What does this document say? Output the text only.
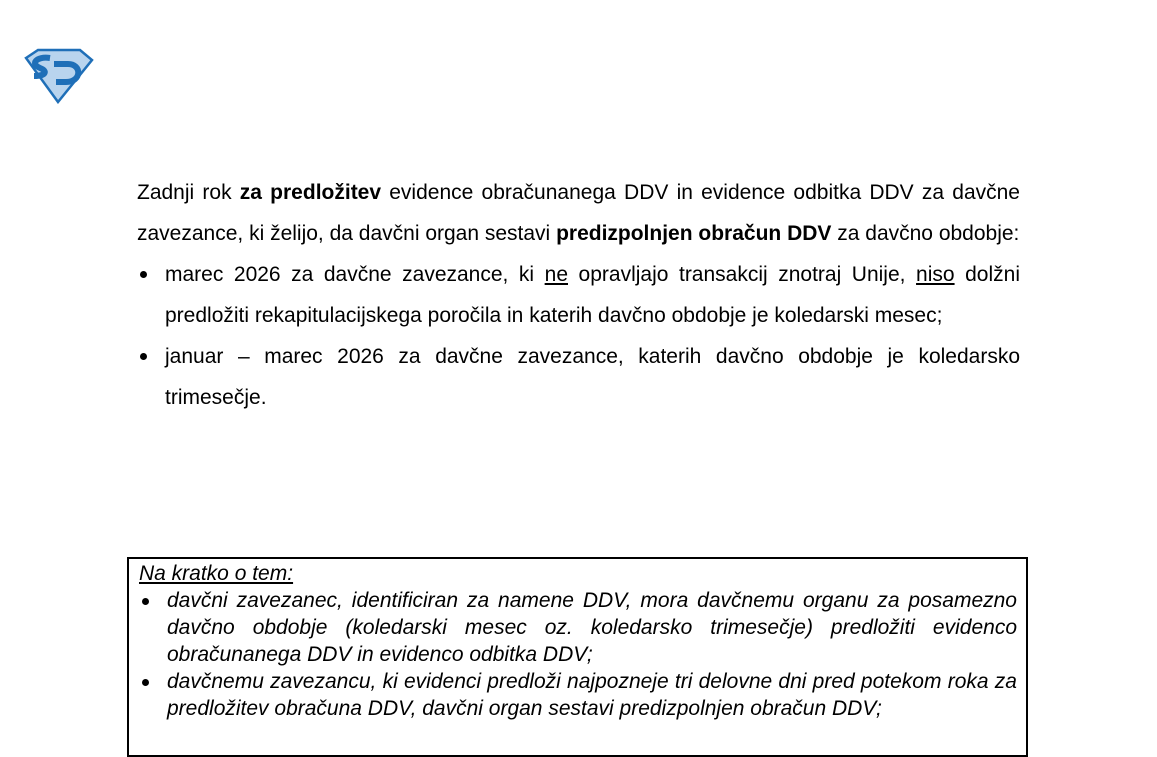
Zadnji rok za predložitev evidence obračunanega DDV in evidence odbitka DDV za davčne zavezance, ki želijo, da davčni organ sestavi predizpolnjen obračun DDV za davčno obdobje:

marec 2026 za davčne zavezance, ki ne opravljajo transakcij znotraj Unije, niso dolžni predložiti rekapitulacijskega poročila in katerih davčno obdobje je koledarski mesec;
januar – marec 2026 za davčne zavezance, katerih davčno obdobje je koledarsko trimesečje.
Na kratko o tem:
davčni zavezanec, identificiran za namene DDV, mora davčnemu organu za posamezno davčno obdobje (koledarski mesec oz. koledarsko trimesečje) predložiti evidenco obračunanega DDV in evidenco odbitka DDV;
davčnemu zavezancu, ki evidenci predloži najpozneje tri delovne dni pred potekom roka za predložitev obračuna DDV, davčni organ sestavi predizpolnjen obračun DDV;
